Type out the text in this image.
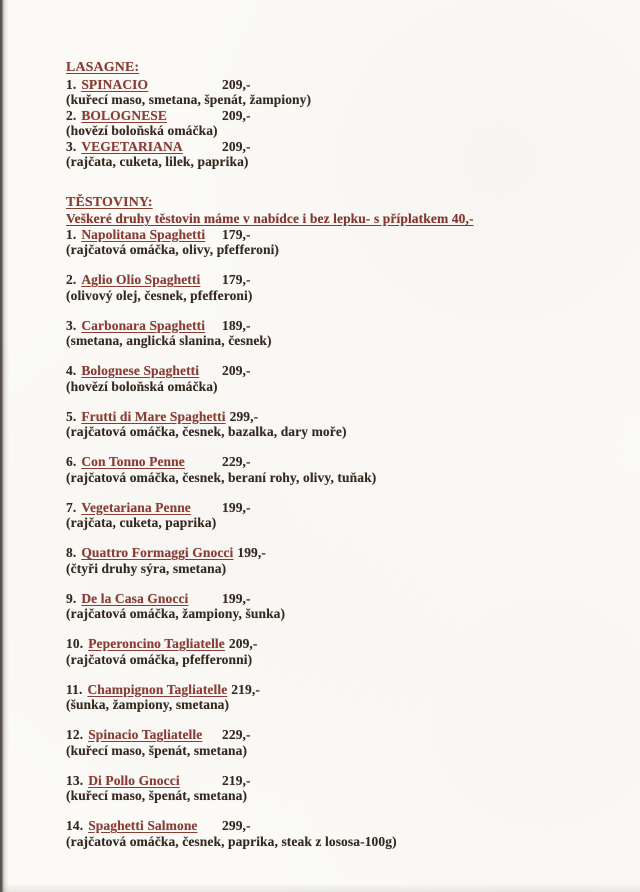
LASAGNE:
1. SPINACIO	209,-
(kuřecí maso, smetana, špenát, žampiony)
2. BOLOGNESE	209,-
(hovězí boloňská omáčka)
3. VEGETARIANA	209,-
(rajčata, cuketa, lilek, paprika)
TĚSTOVINY:
Veškeré druhy těstovin máme v nabídce i bez lepku- s příplatkem 40,-
1. Napolitana Spaghetti	179,-
(rajčatová omáčka, olivy, pfefferoni)
2. Aglio Olio Spaghetti	179,-
(olivový olej, česnek, pfefferoni)
3. Carbonara Spaghetti	189,-
(smetana, anglická slanina, česnek)
4. Bolognese Spaghetti	209,-
(hovězí boloňská omáčka)
5. Frutti di Mare Spaghetti 299,-
(rajčatová omáčka, česnek, bazalka, dary moře)
6. Con Tonno Penne	229,-
(rajčatová omáčka, česnek, beraní rohy, olivy, tuňak)
7. Vegetariana Penne	199,-
(rajčata, cuketa, paprika)
8. Quattro Formaggi Gnocci 199,-
(čtyři druhy sýra, smetana)
9. De la Casa Gnocci	199,-
(rajčatová omáčka, žampiony, šunka)
10. Peperoncino Tagliatelle 209,-
(rajčatová omáčka, pfefferonni)
11. Champignon Tagliatelle 219,-
(šunka, žampiony, smetana)
12. Spinacio Tagliatelle	229,-
(kuřecí maso, špenát, smetana)
13. Di Pollo Gnocci	219,-
(kuřecí maso, špenát, smetana)
14. Spaghetti Salmone	299,-
(rajčatová omáčka, česnek, paprika, steak z lososa-100g)
